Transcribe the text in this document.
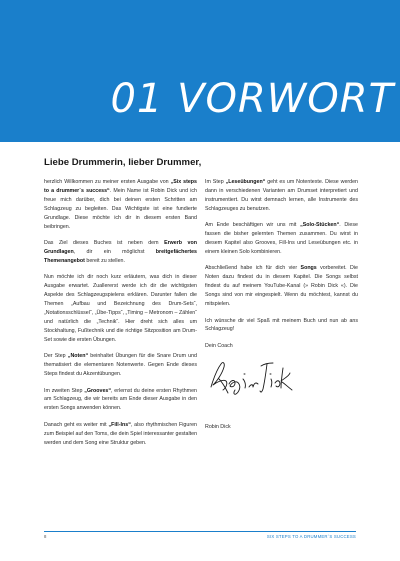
01 VORWORT
Liebe Drummerin, lieber Drummer,

herzlich Willkommen zu meiner ersten Ausgabe von „Six steps to a drummer`s success“. Mein Name ist Robin Dick und ich freue mich darüber, dich bei deinen ersten Schritten am Schlagzeug zu begleiten. Das Wichtigste ist eine fundierte Grundlage. Diese möchte ich dir in diesem ersten Band beibringen.

Das Ziel dieses Buches ist neben dem Erwerb von Grundlagen, dir ein möglichst breitgefächertes Themenangebot bereit zu stellen.

Nun möchte ich dir noch kurz erläutern, was dich in dieser Ausgabe erwartet. Zuallererst werde ich dir die wichtigsten Aspekte des Schlagzeugspielens erklären. Darunter fallen die Themen „Aufbau und Bezeichnung des Drum-Sets“, „Notationsschlüssel“, „Übe-Tipps“, „Timing – Metronom – Zählen“ und natürlich die „Technik“. Hier dreht sich alles um Stockhaltung, Fußtechnik und die richtige Sitzposition am Drum-Set sowie die ersten Übungen.

Der Step „Noten“ beinhaltet Übungen für die Snare Drum und thematisiert die elementaren Notenwerte. Gegen Ende dieses Steps findest du Akzentübungen.

Im zweiten Step „Grooves“, erlernst du deine ersten Rhythmen am Schlagzeug, die wir bereits am Ende dieser Ausgabe in den ersten Songs anwenden können.

Danach geht es weiter mit „Fill-Ins“, also rhythmischen Figuren zum Beispiel auf den Toms, die dein Spiel interessanter gestalten werden und dem Song eine Struktur geben.

Im Step „Leseübungen“ geht es um Notentexte. Diese werden dann in verschiedenen Varianten am Drumset interpretiert und instrumentiert. Du wirst demnach lernen, alle Instrumente des Schlagzeuges zu benutzen.

Am Ende beschäftigen wir uns mit „Solo-Stücken“. Diese fassen die bisher gelernten Themen zusammen. Du wirst in diesem Kapitel also Grooves, Fill-Ins und Leseübungen etc. in einem kleinen Solo kombinieren.

Abschließend habe ich für dich vier Songs vorbereitet. Die Noten dazu findest du in diesem Kapitel. Die Songs selbst findest du auf meinem YouTube-Kanal (» Robin Dick «). Die Songs sind von mir eingespielt. Wenn du möchtest, kannst du mitspielen.

Ich wünsche dir viel Spaß mit meinem Buch und nun ab ans Schlagzeug!

Dein Coach
Robin Dick
8	SIX STEPS TO A DRUMMER`S SUCCESS
